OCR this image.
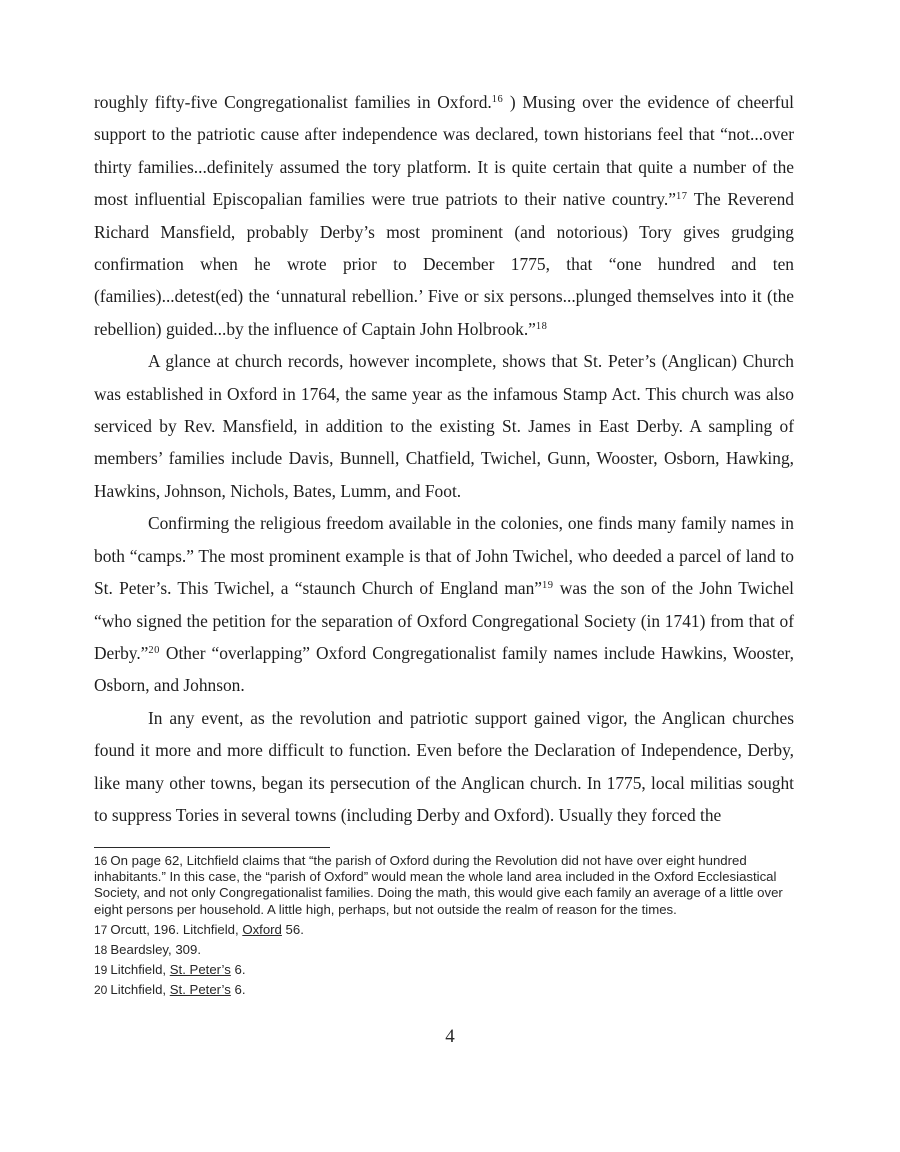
roughly fifty-five Congregationalist families in Oxford.$^{16}$ ) Musing over the evidence of cheerful support to the patriotic cause after independence was declared, town historians feel that “not...over thirty families...definitely assumed the tory platform. It is quite certain that quite a number of the most influential Episcopalian families were true patriots to their native country.”$^{17}$ The Reverend Richard Mansfield, probably Derby’s most prominent (and notorious) Tory gives grudging confirmation when he wrote prior to December 1775, that “one hundred and ten (families)...detest(ed) the ‘unnatural rebellion.’ Five or six persons...plunged themselves into it (the rebellion) guided...by the influence of Captain John Holbrook.”$^{18}$

A glance at church records, however incomplete, shows that St. Peter’s (Anglican) Church was established in Oxford in 1764, the same year as the infamous Stamp Act. This church was also serviced by Rev. Mansfield, in addition to the existing St. James in East Derby. A sampling of members’ families include Davis, Bunnell, Chatfield, Twichel, Gunn, Wooster, Osborn, Hawking, Hawkins, Johnson, Nichols, Bates, Lumm, and Foot.

Confirming the religious freedom available in the colonies, one finds many family names in both “camps.” The most prominent example is that of John Twichel, who deeded a parcel of land to St. Peter’s. This Twichel, a “staunch Church of England man”$^{19}$ was the son of the John Twichel “who signed the petition for the separation of Oxford Congregational Society (in 1741) from that of Derby.”$^{20}$ Other “overlapping” Oxford Congregationalist family names include Hawkins, Wooster, Osborn, and Johnson.

In any event, as the revolution and patriotic support gained vigor, the Anglican churches found it more and more difficult to function. Even before the Declaration of Independence, Derby, like many other towns, began its persecution of the Anglican church. In 1775, local militias sought to suppress Tories in several towns (including Derby and Oxford). Usually they forced the

16 On page 62, Litchfield claims that “the parish of Oxford during the Revolution did not have over eight hundred inhabitants.” In this case, the “parish of Oxford” would mean the whole land area included in the Oxford Ecclesiastical Society, and not only Congregationalist families. Doing the math, this would give each family an average of a little over eight persons per household. A little high, perhaps, but not outside the realm of reason for the times.
17 Orcutt, 196. Litchfield, Oxford 56.
18 Beardsley, 309.
19 Litchfield, St. Peter’s 6.
20 Litchfield, St. Peter’s 6.
4
